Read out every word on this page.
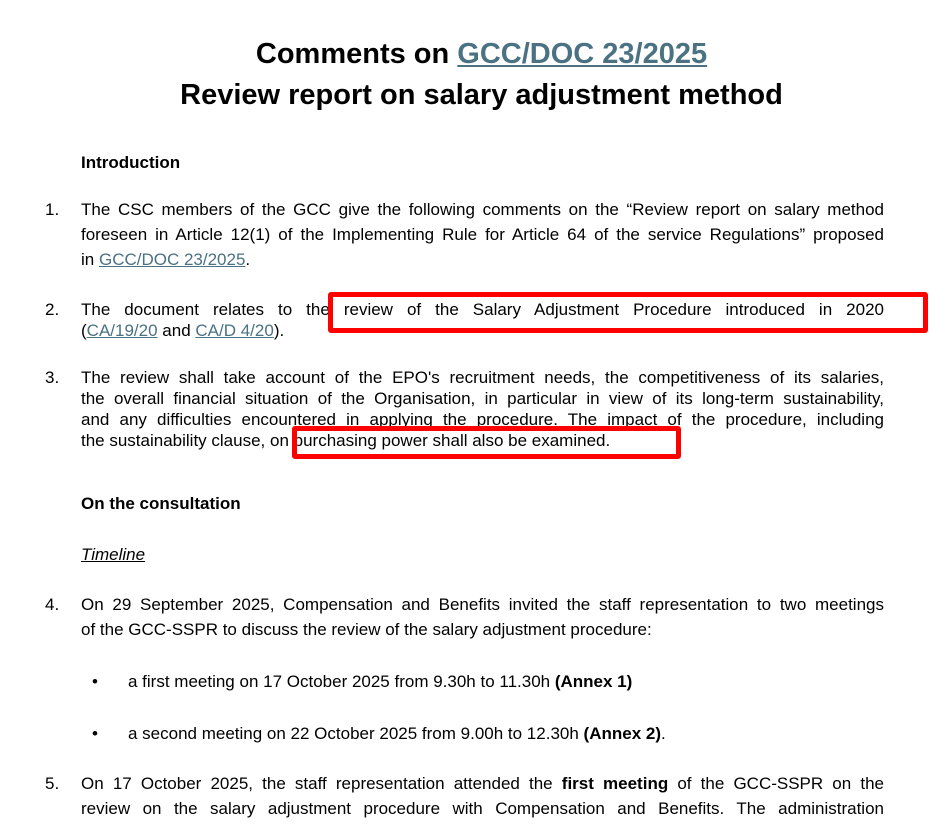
Comments on GCC/DOC 23/2025
Review report on salary adjustment method
Introduction
1. The CSC members of the GCC give the following comments on the “Review report on salary method
foreseen in Article 12(1) of the Implementing Rule for Article 64 of the service Regulations” proposed
in GCC/DOC 23/2025.
2. The document relates to the review of the Salary Adjustment Procedure introduced in 2020
(CA/19/20 and CA/D 4/20).
3. The review shall take account of the EPO's recruitment needs, the competitiveness of its salaries,
the overall financial situation of the Organisation, in particular in view of its long-term sustainability,
and any difficulties encountered in applying the procedure. The impact of the procedure, including
the sustainability clause, on purchasing power shall also be examined.
On the consultation
Timeline
4. On 29 September 2025, Compensation and Benefits invited the staff representation to two meetings
of the GCC-SSPR to discuss the review of the salary adjustment procedure:
• a first meeting on 17 October 2025 from 9.30h to 11.30h (Annex 1)
• a second meeting on 22 October 2025 from 9.00h to 12.30h (Annex 2).
5. On 17 October 2025, the staff representation attended the first meeting of the GCC-SSPR on the
review on the salary adjustment procedure with Compensation and Benefits. The administration
